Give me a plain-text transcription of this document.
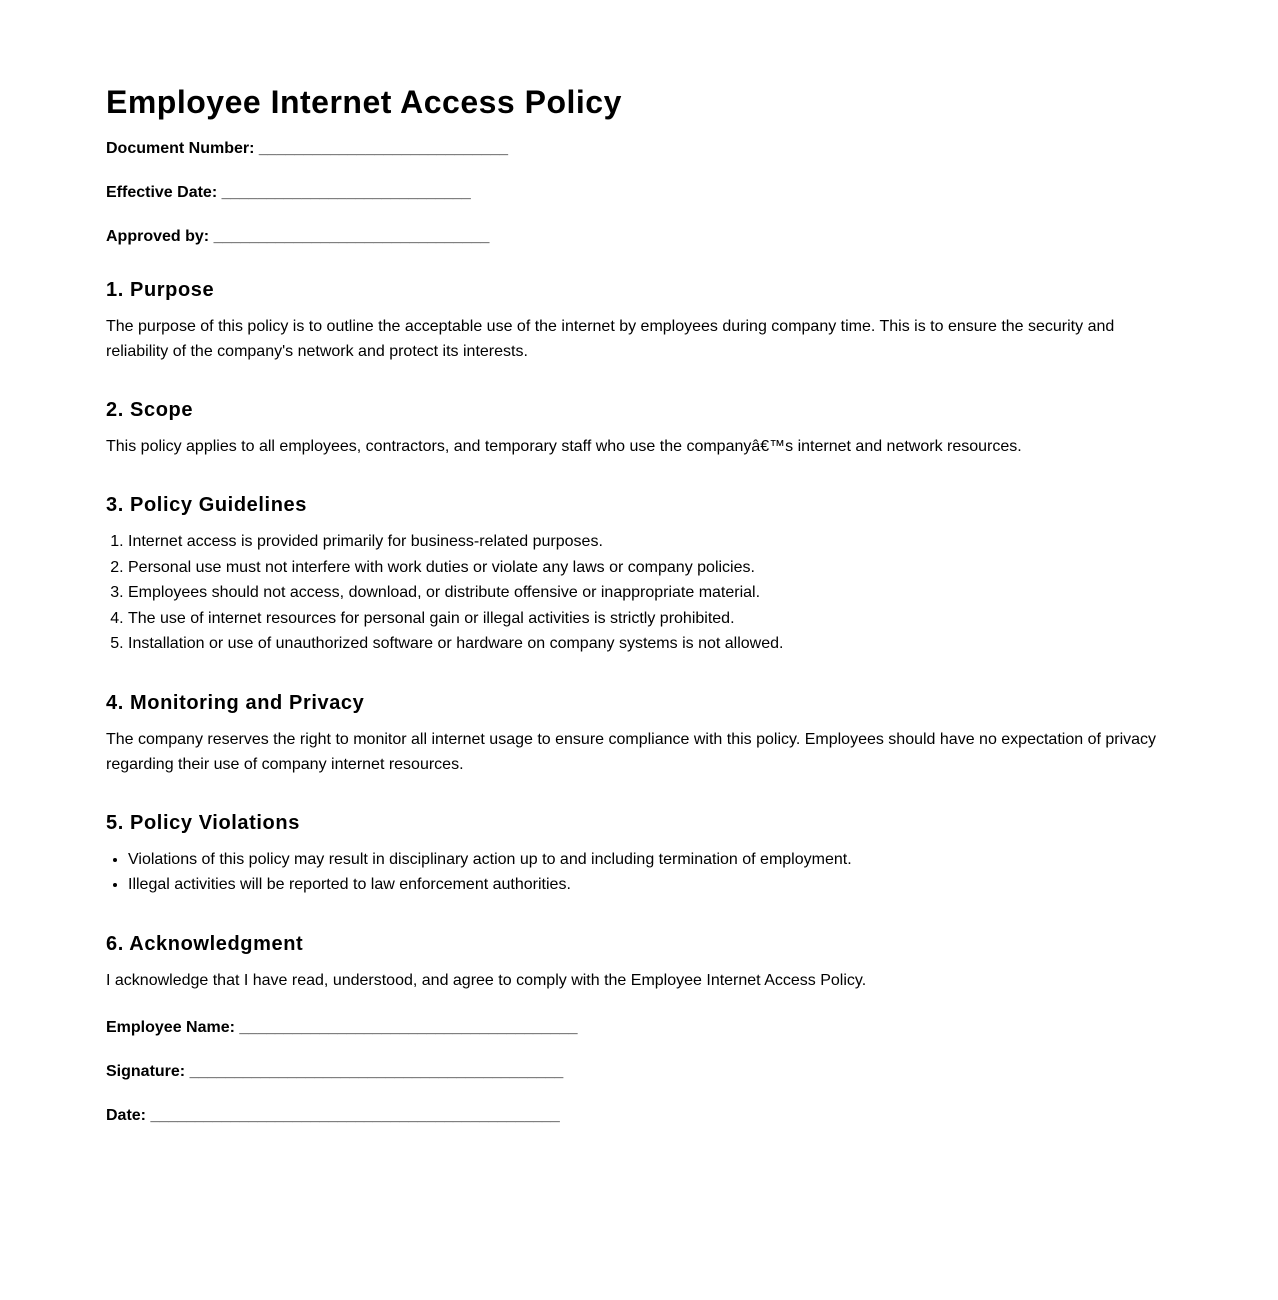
Employee Internet Access Policy

Document Number: ____________________________

Effective Date: ____________________________

Approved by: _______________________________

1. Purpose

The purpose of this policy is to outline the acceptable use of the internet by employees during company time. This is to ensure the security and reliability of the company's network and protect its interests.

2. Scope

This policy applies to all employees, contractors, and temporary staff who use the companyâ€™s internet and network resources.

3. Policy Guidelines
1. Internet access is provided primarily for business-related purposes.
2. Personal use must not interfere with work duties or violate any laws or company policies.
3. Employees should not access, download, or distribute offensive or inappropriate material.
4. The use of internet resources for personal gain or illegal activities is strictly prohibited.
5. Installation or use of unauthorized software or hardware on company systems is not allowed.
4. Monitoring and Privacy

The company reserves the right to monitor all internet usage to ensure compliance with this policy. Employees should have no expectation of privacy regarding their use of company internet resources.

5. Policy Violations
• Violations of this policy may result in disciplinary action up to and including termination of employment.
• Illegal activities will be reported to law enforcement authorities.
6. Acknowledgment

I acknowledge that I have read, understood, and agree to comply with the Employee Internet Access Policy.

Employee Name: ______________________________________

Signature: __________________________________________

Date: ______________________________________________
